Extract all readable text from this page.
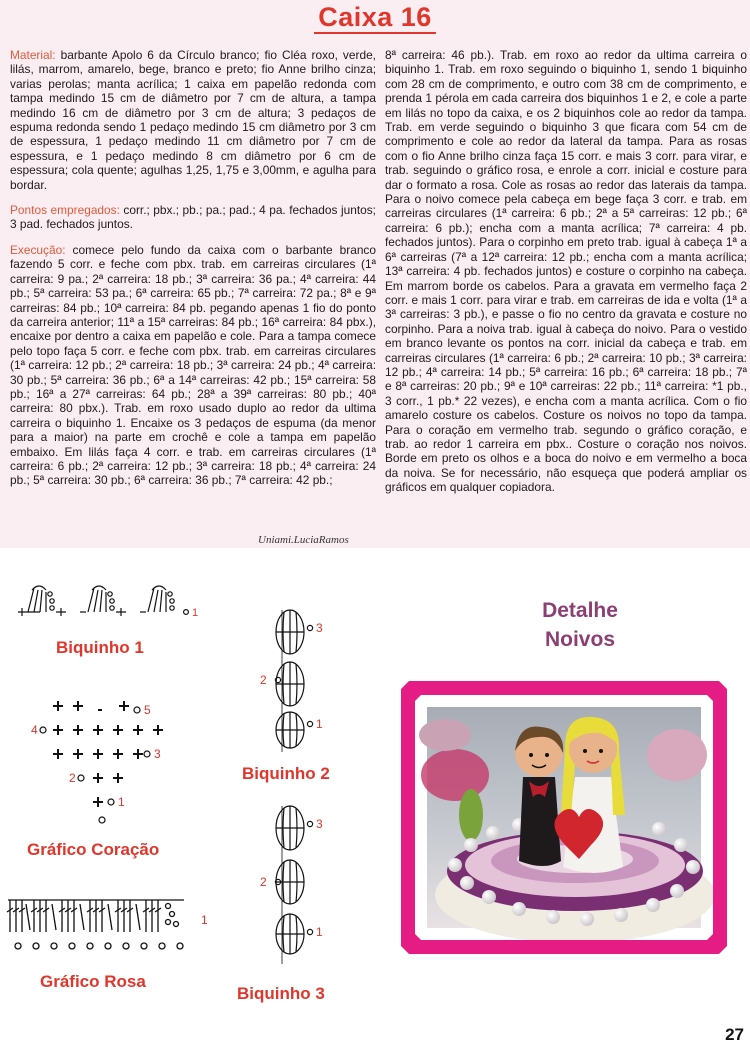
Caixa 16

Material: barbante Apolo 6 da Círculo branco; fio Cléa roxo, verde, lilás, marrom, amarelo, bege, branco e preto; fio Anne brilho cinza; varias perolas; manta acrílica; 1 caixa em papelão redonda com tampa medindo 15 cm de diâmetro por 7 cm de altura, a tampa medindo 16 cm de diâmetro por 3 cm de altura; 3 pedaços de espuma redonda sendo 1 pedaço medindo 15 cm diâmetro por 3 cm de espessura, 1 pedaço medindo 11 cm diâmetro por 7 cm de espessura, e 1 pedaço medindo 8 cm diâmetro por 6 cm de espessura; cola quente; agulhas 1,25, 1,75 e 3,00mm, e agulha para bordar.

Pontos empregados: corr.; pbx.; pb.; pa.; pad.; 4 pa. fechados juntos; 3 pad. fechados juntos.

Execução: comece pelo fundo da caixa com o barbante branco fazendo 5 corr. e feche com pbx. trab. em carreiras circulares (1ª carreira: 9 pa.; 2ª carreira: 18 pb.; 3ª carreira: 36 pa.; 4ª carreira: 44 pb.; 5ª carreira: 53 pa.; 6ª carreira: 65 pb.; 7ª carreira: 72 pa.; 8ª e 9ª carreiras: 84 pb.; 10ª carreira: 84 pb. pegando apenas 1 fio do ponto da carreira anterior; 11ª a 15ª carreiras: 84 pb.; 16ª carreira: 84 pbx.), encaixe por dentro a caixa em papelão e cole. Para a tampa comece pelo topo faça 5 corr. e feche com pbx. trab. em carreiras circulares (1ª carreira: 12 pb.; 2ª carreira: 18 pb.; 3ª carreira: 24 pb.; 4ª carreira: 30 pb.; 5ª carreira: 36 pb.; 6ª a 14ª carreiras: 42 pb.; 15ª carreira: 58 pb.; 16ª a 27ª carreiras: 64 pb.; 28ª a 39ª carreiras: 80 pb.; 40ª carreira: 80 pbx.). Trab. em roxo usado duplo ao redor da ultima carreira o biquinho 1. Encaixe os 3 pedaços de espuma (da menor para a maior) na parte em crochê e cole a tampa em papelão embaixo. Em lilás faça 4 corr. e trab. em carreiras circulares (1ª carreira: 6 pb.; 2ª carreira: 12 pb.; 3ª carreira: 18 pb.; 4ª carreira: 24 pb.; 5ª carreira: 30 pb.; 6ª carreira: 36 pb.; 7ª carreira: 42 pb.;

8ª carreira: 46 pb.). Trab. em roxo ao redor da ultima carreira o biquinho 1. Trab. em roxo seguindo o biquinho 1, sendo 1 biquinho com 28 cm de comprimento, e outro com 38 cm de comprimento, e prenda 1 pérola em cada carreira dos biquinhos 1 e 2, e cole a parte em lilás no topo da caixa, e os 2 biquinhos cole ao redor da tampa. Trab. em verde seguindo o biquinho 3 que ficara com 54 cm de comprimento e cole ao redor da lateral da tampa. Para as rosas com o fio Anne brilho cinza faça 15 corr. e mais 3 corr. para virar, e trab. seguindo o gráfico rosa, e enrole a corr. inicial e costure para dar o formato a rosa. Cole as rosas ao redor das laterais da tampa. Para o noivo comece pela cabeça em bege faça 3 corr. e trab. em carreiras circulares (1ª carreira: 6 pb.; 2ª a 5ª carreiras: 12 pb.; 6ª carreira: 6 pb.); encha com a manta acrílica; 7ª carreira: 4 pb. fechados juntos). Para o corpinho em preto trab. igual à cabeça 1ª a 6ª carreiras (7ª a 12ª carreira: 12 pb.; encha com a manta acrílica; 13ª carreira: 4 pb. fechados juntos) e costure o corpinho na cabeça. Em marrom borde os cabelos. Para a gravata em vermelho faça 2 corr. e mais 1 corr. para virar e trab. em carreiras de ida e volta (1ª a 3ª carreiras: 3 pb.), e passe o fio no centro da gravata e costure no corpinho. Para a noiva trab. igual à cabeça do noivo. Para o vestido em branco levante os pontos na corr. inicial da cabeça e trab. em carreiras circulares (1ª carreira: 6 pb.; 2ª carreira: 10 pb.; 3ª carreira: 12 pb.; 4ª carreira: 14 pb.; 5ª carreira: 16 pb.; 6ª carreira: 18 pb.; 7ª e 8ª carreiras: 20 pb.; 9ª e 10ª carreiras: 22 pb.; 11ª carreira: *1 pb., 3 corr., 1 pb.* 22 vezes), e encha com a manta acrílica. Com o fio amarelo costure os cabelos. Costure os noivos no topo da tampa. Para o coração em vermelho trab. segundo o gráfico coração, e trab. ao redor 1 carreira em pbx.. Costure o coração nos noivos. Borde em preto os olhos e a boca do noivo e em vermelho a boca da noiva. Se for necessário, não esqueça que poderá ampliar os gráficos em qualquer copiadora.

Uniami.LuciaRamos
1
Biquinho 1
5
4
3
2
1
Gráfico Coração
1
Gráfico Rosa
3
2
1
Biquinho 2
3
2
1
Biquinho 3
Detalhe
Noivos
27
